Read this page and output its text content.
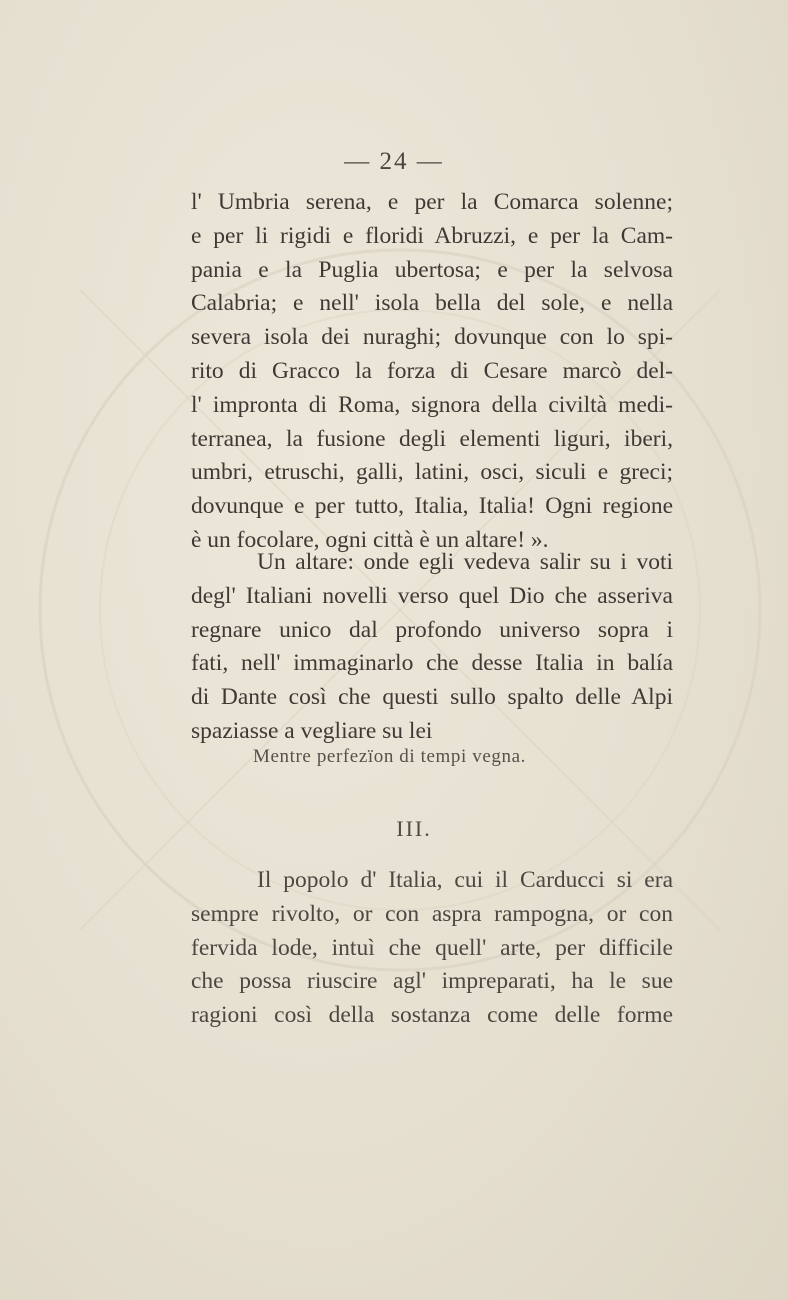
— 24 —
l' Umbria serena, e per la Comarca solenne;
e per li rigidi e floridi Abruzzi, e per la Cam-
pania e la Puglia ubertosa; e per la selvosa
Calabria; e nell' isola bella del sole, e nella
severa isola dei nuraghi; dovunque con lo spi-
rito di Gracco la forza di Cesare marcò del-
l' impronta di Roma, signora della civiltà medi-
terranea, la fusione degli elementi liguri, iberi,
umbri, etruschi, galli, latini, osci, siculi e greci;
dovunque e per tutto, Italia, Italia! Ogni regione
è un focolare, ogni città è un altare! ».
Un altare: onde egli vedeva salir su i voti
degl' Italiani novelli verso quel Dio che asseriva
regnare unico dal profondo universo sopra i
fati, nell' immaginarlo che desse Italia in balía
di Dante così che questi sullo spalto delle Alpi
spaziasse a vegliare su lei
Mentre perfezïon di tempi vegna.
III.
Il popolo d' Italia, cui il Carducci si era
sempre rivolto, or con aspra rampogna, or con
fervida lode, intuì che quell' arte, per difficile
che possa riuscire agl' impreparati, ha le sue
ragioni così della sostanza come delle forme
